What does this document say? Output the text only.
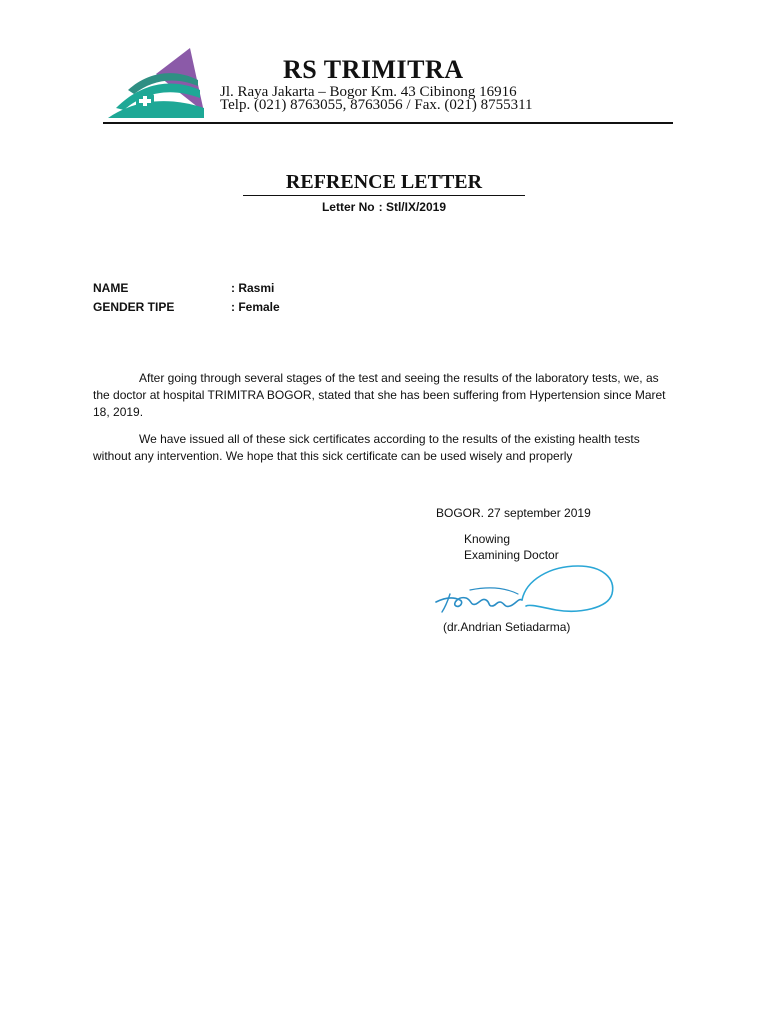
RS TRIMITRA
Jl. Raya Jakarta – Bogor Km. 43 Cibinong 16916
Telp. (021) 8763055, 8763056 / Fax. (021) 8755311
REFRENCE LETTER
Letter No : Stl/IX/2019
NAME	: Rasmi
GENDER TIPE	: Female

After going through several stages of the test and seeing the results of the laboratory tests, we, as the doctor at hospital TRIMITRA BOGOR, stated that she has been suffering from Hypertension since Maret 18, 2019.

We have issued all of these sick certificates according to the results of the existing health tests without any intervention. We hope that this sick certificate can be used wisely and properly

BOGOR. 27 september 2019
Knowing
Examining Doctor
(dr.Andrian Setiadarma)
